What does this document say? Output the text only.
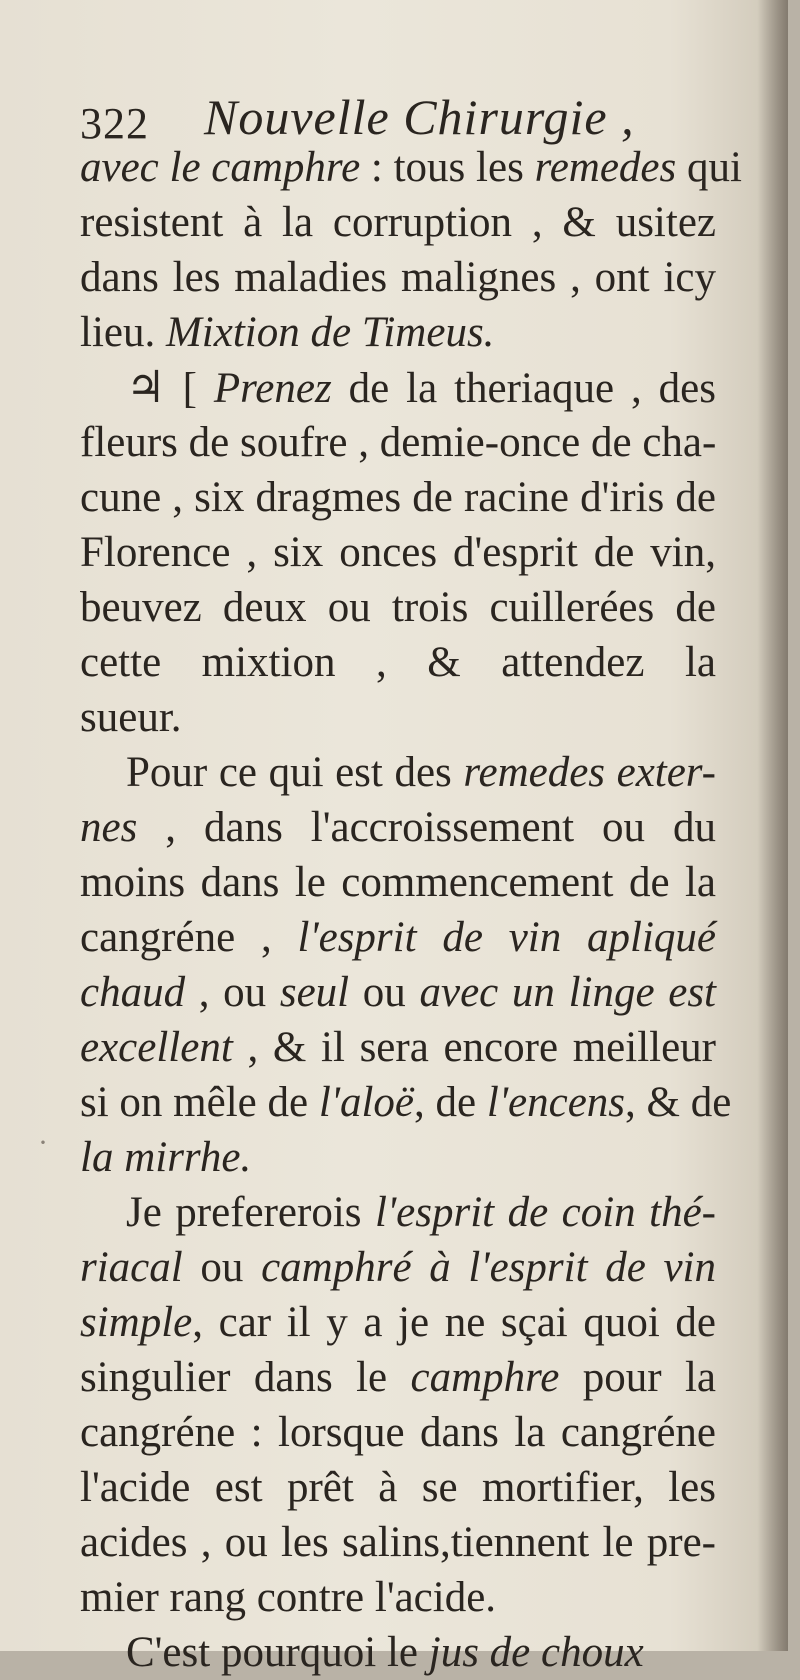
322 Nouvelle Chirurgie ,
avec le camphre : tous les remedes qui
resistent à la corruption , & usitez
dans les maladies malignes , ont icy
lieu. Mixtion de Timeus.
♃ [ Prenez de la theriaque , des
fleurs de soufre , demie-once de cha-
cune , six dragmes de racine d'iris de
Florence , six onces d'esprit de vin,
beuvez deux ou trois cuillerées de
cette mixtion , & attendez la
sueur.
Pour ce qui est des remedes exter-
nes , dans l'accroissement ou du
moins dans le commencement de la
cangréne , l'esprit de vin apliqué
chaud , ou seul ou avec un linge est
excellent , & il sera encore meilleur
si on mêle de l'aloë, de l'encens, & de
la mirrhe.
Je prefererois l'esprit de coin thé-
riacal ou camphré à l'esprit de vin
simple, car il y a je ne sçai quoi de
singulier dans le camphre pour la
cangréne : lorsque dans la cangréne
l'acide est prêt à se mortifier, les
acides , ou les salins,tiennent le pre-
mier rang contre l'acide.
C'est pourquoi le jus de choux
·
